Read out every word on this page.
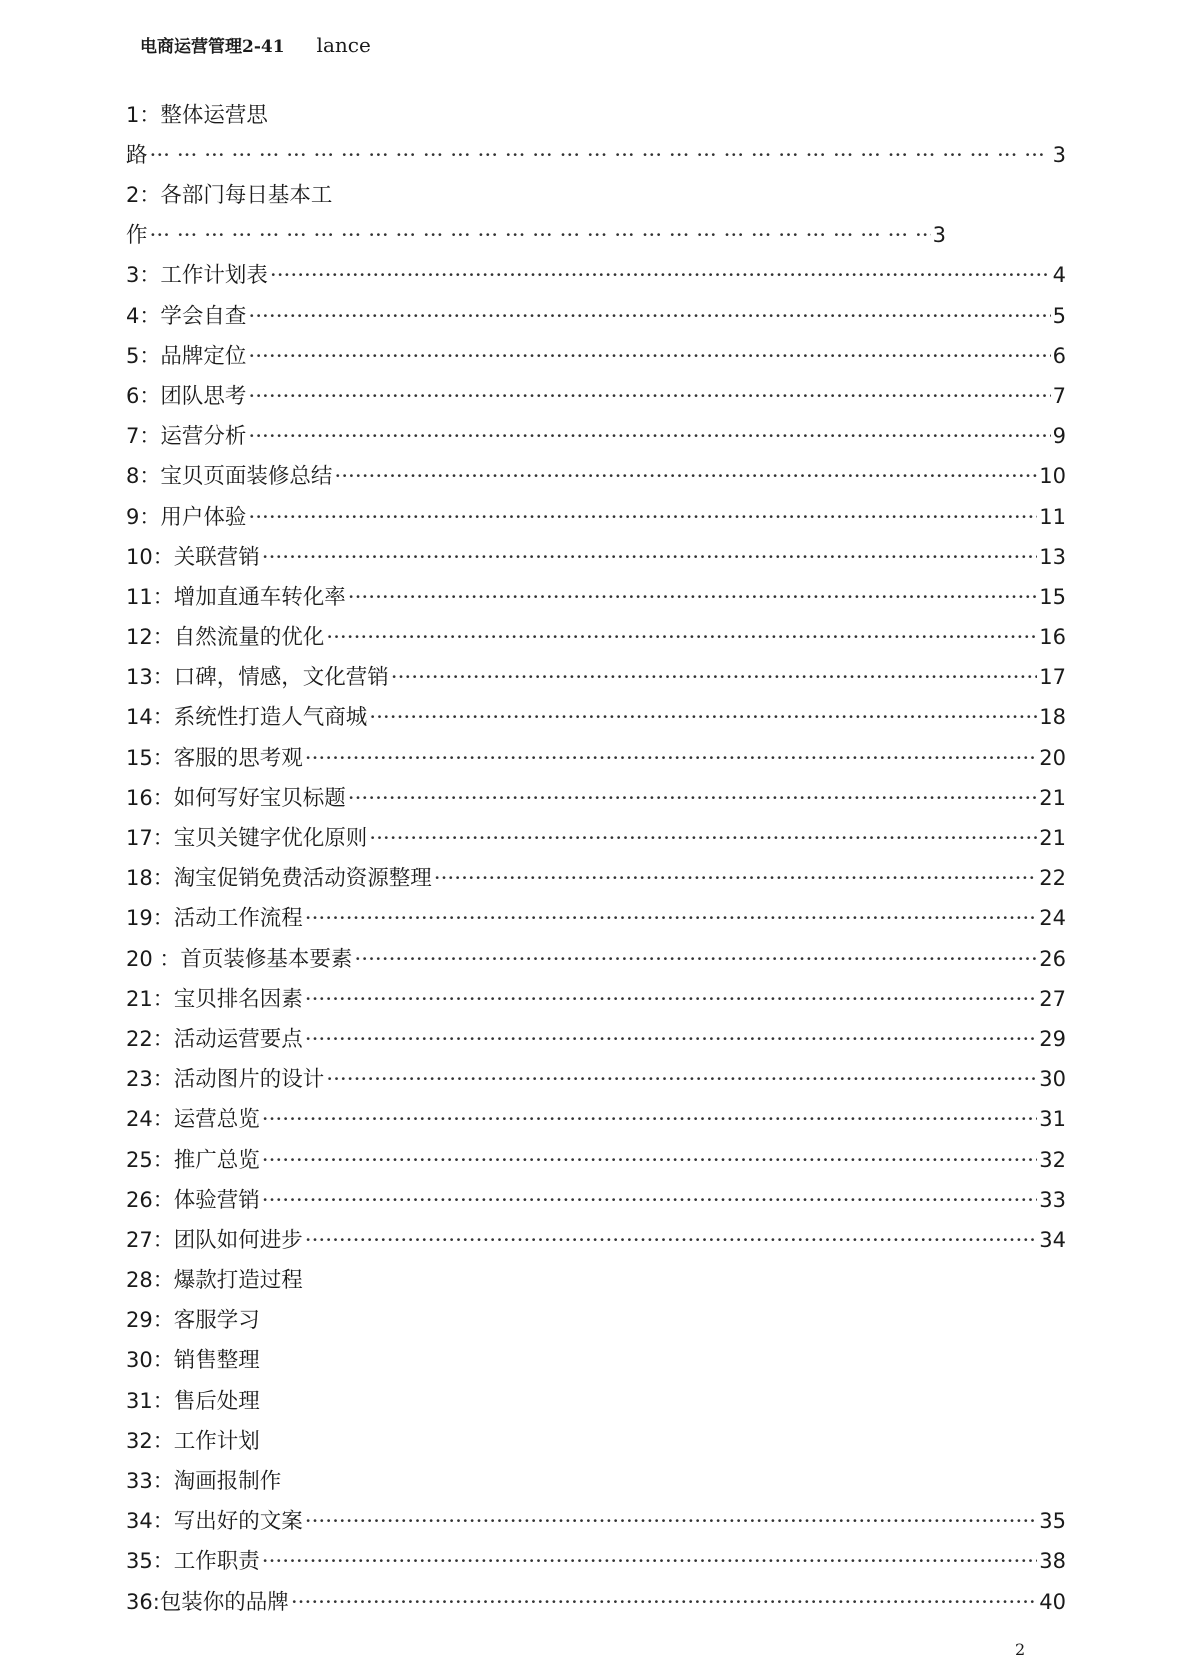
电商运营管理2-41 lance
1：整体运营思
路 ··· ·	3
2：各部门每日基本工
作 ··· ·	3
3： 工作计划表 ·····	4
4： 学会自查 ·····	5
5： 品牌定位 ·····	6
6： 团队思考 ·····	7
7： 运营分析 ·····	9
8： 宝贝页面装修总结 ·····	10
9： 用户体验 ·····	11
10： 关联营销 ·····	13
11： 增加直通车转化率 ·····	15
12： 自然流量的优化 ·····	16
13： 口碑，情感，文化营销 ·····	17
14： 系统性打造人气商城 ·····	18
15： 客服的思考观 ·····	20
16： 如何写好宝贝标题 ·····	21
17： 宝贝关键字优化原则 ·····	21
18： 淘宝促销免费活动资源整理 ·····	22
19： 活动工作流程 ·····	24
20 ： 首页装修基本要素 ·····	26
21： 宝贝排名因素 ·····	27
22： 活动运营要点 ·····	29
23： 活动图片的设计 ·····	30
24： 运营总览 ·····	31
25： 推广总览 ·····	32
26： 体验营销 ·····	33
27： 团队如何进步 ·····	34
28： 爆款打造过程
29： 客服学习
30： 销售整理
31： 售后处理
32： 工作计划
33： 淘画报制作
34： 写出好的文案 ·····	35
35： 工作职责 ·····	38
36: 包装你的品牌 ·····	40
2
